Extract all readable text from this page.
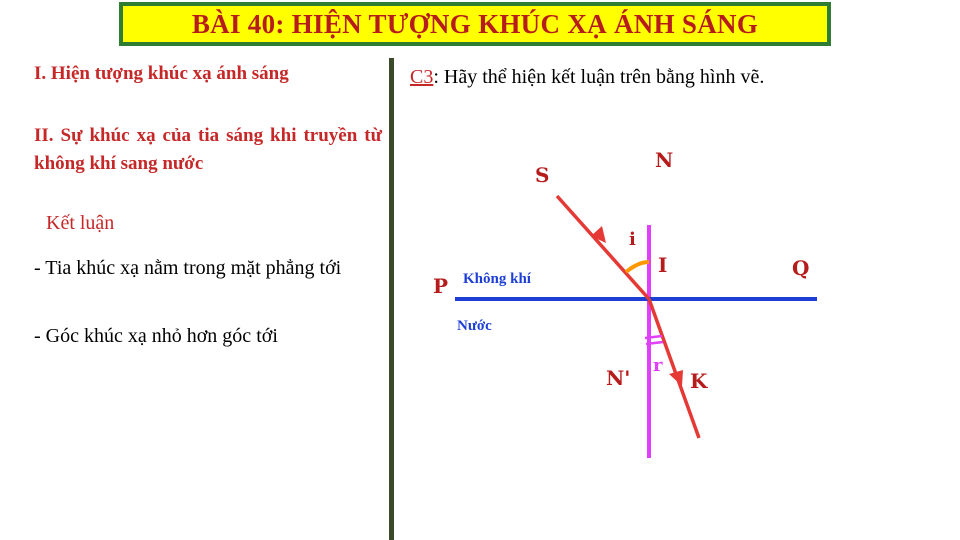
BÀI 40: HIỆN TƯỢNG KHÚC XẠ ÁNH SÁNG
I. Hiện tượng khúc xạ ánh sáng
II. Sự khúc xạ của tia sáng khi truyền từ không khí sang nước
Kết luận
- Tia khúc xạ nằm trong mặt phẳng tới
- Góc khúc xạ nhỏ hơn góc tới
C3: Hãy thể hiện kết luận trên bằng hình vẽ.
S
N
i
I
P
Q
Không khí
Nước
N'
r
K
